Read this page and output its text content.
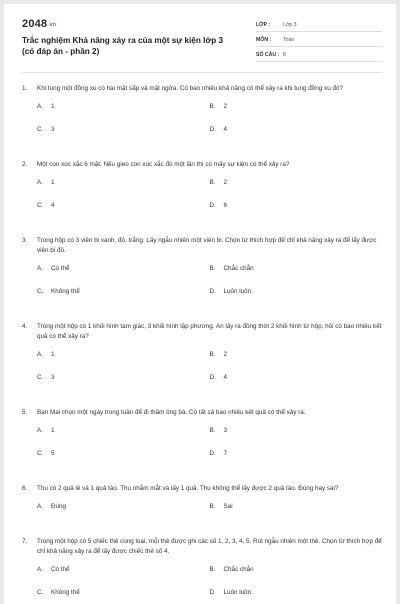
$2048^{.vn}$
Trắc nghiệm Khả năng xảy ra của một sự kiện lớp 3 (có đáp án - phần 2)
LỚP :	Lớp 3
MÔN :	Toán
SỐ CÂU : 8
1.	Khi tung một đồng xu có hai mặt sấp và mặt ngửa. Có bao nhiêu khả năng có thể xảy ra khi tung đồng xu đó?
A.	1	B.	2
C.	3	D.	4
2.	Một con xúc xắc 6 mặt. Nếu gieo con xúc xắc đó một lần thì có mấy sự kiện có thể xảy ra?
A.	1	B.	2
C.	4	D.	6
3.	Trong hộp có 3 viên bi xanh, đỏ, trắng. Lấy ngẫu nhiên một viên bi. Chọn từ thích hợp để chỉ khả năng xảy ra để lấy được viên bi đỏ.
A.	Có thể	B.	Chắc chắn
C.	Không thể	D.	Luôn luôn.
4.	Trong một hộp có 1 khối hình tam giác, 3 khối hình lập phương. An lấy ra đồng thời 2 khối hình từ hộp, hỏi có bao nhiêu kết quả có thể xảy ra?
A.	1	B.	2
C.	3	D.	4
5.	Bạn Mai chọn một ngày trong tuần để đi thăm ông bà. Có tất cả bao nhiêu kết quả có thể xảy ra.
A.	1	B.	3
C.	5	D.	7
6.	Thu có 2 quả lê và 1 quả táo. Thu nhắm mắt và lấy 1 quả. Thu không thể lấy được 2 quả táo. Đúng hay sai?
A.	Đúng	B.	Sai
7.	Trong một hộp có 5 chiếc thẻ cùng loại, mỗi thẻ được ghi các số 1, 2, 3, 4, 5. Rút ngẫu nhiên một thẻ. Chọn từ thích hợp để chỉ khả năng xảy ra để lấy được chiếc thẻ số 4.
A.	Có thể	B.	Chắc chắn
C.	Không thể	D.	Luôn luôn.
